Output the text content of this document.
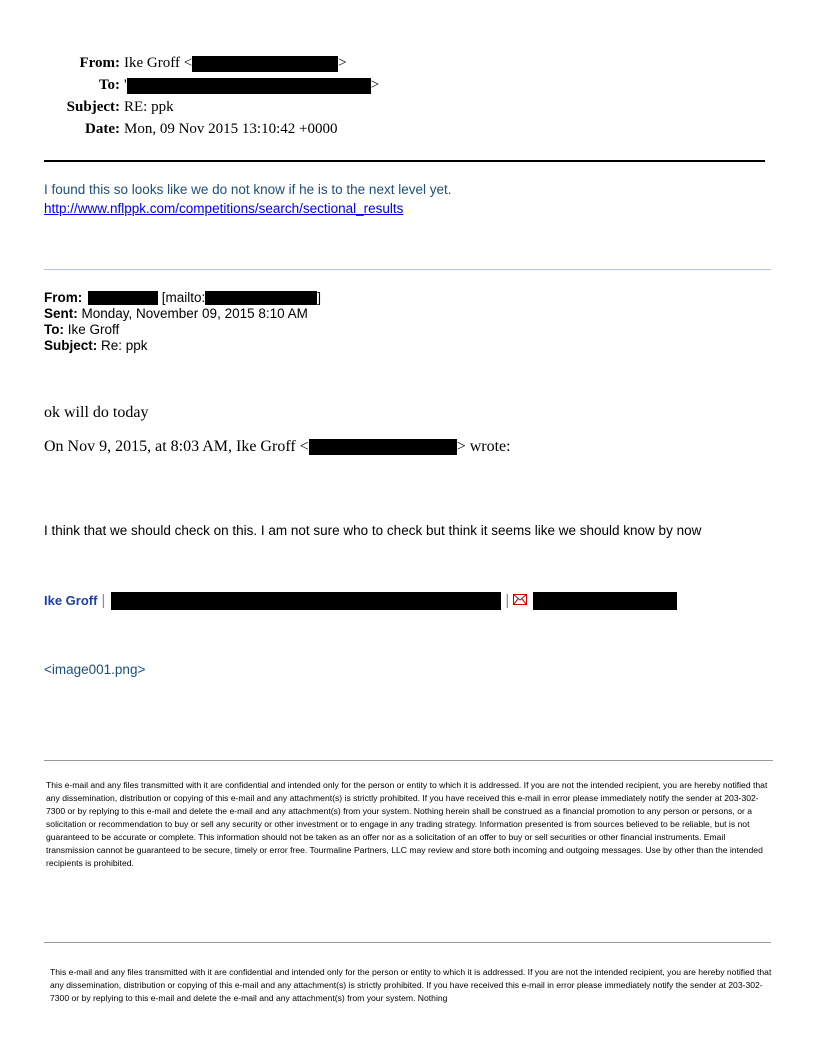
From: Ike Groff <	>
To: '	>
Subject: RE: ppk
Date: Mon, 09 Nov 2015 13:10:42 +0000
I found this so looks like we do not know if he is to the next level yet.
http://www.nflppk.com/competitions/search/sectional_results
From:	[mailto:	]
Sent: Monday, November 09, 2015 8:10 AM
To: Ike Groff
Subject: Re: ppk
ok will do today
On Nov 9, 2015, at 8:03 AM, Ike Groff <	> wrote:
I think that we should check on this. I am not sure who to check but think it seems like we should know by now
Ike Groff |	|
<image001.png>
This e-mail and any files transmitted with it are confidential and intended only for the person or entity to which it is addressed. If you are not the intended recipient, you are hereby notified that any dissemination, distribution or copying of this e-mail and any attachment(s) is strictly prohibited. If you have received this e-mail in error please immediately notify the sender at 203-302-7300 or by replying to this e-mail and delete the e-mail and any attachment(s) from your system. Nothing herein shall be construed as a financial promotion to any person or persons, or a solicitation or recommendation to buy or sell any security or other investment or to engage in any trading strategy. Information presented is from sources believed to be reliable, but is not guaranteed to be accurate or complete. This information should not be taken as an offer nor as a solicitation of an offer to buy or sell securities or other financial instruments. Email transmission cannot be guaranteed to be secure, timely or error free. Tourmaline Partners, LLC may review and store both incoming and outgoing messages. Use by other than the intended recipients is prohibited.
This e-mail and any files transmitted with it are confidential and intended only for the person or entity to which it is addressed. If you are not the intended recipient, you are hereby notified that any dissemination, distribution or copying of this e-mail and any attachment(s) is strictly prohibited. If you have received this e-mail in error please immediately notify the sender at 203-302-7300 or by replying to this e-mail and delete the e-mail and any attachment(s) from your system. Nothing
